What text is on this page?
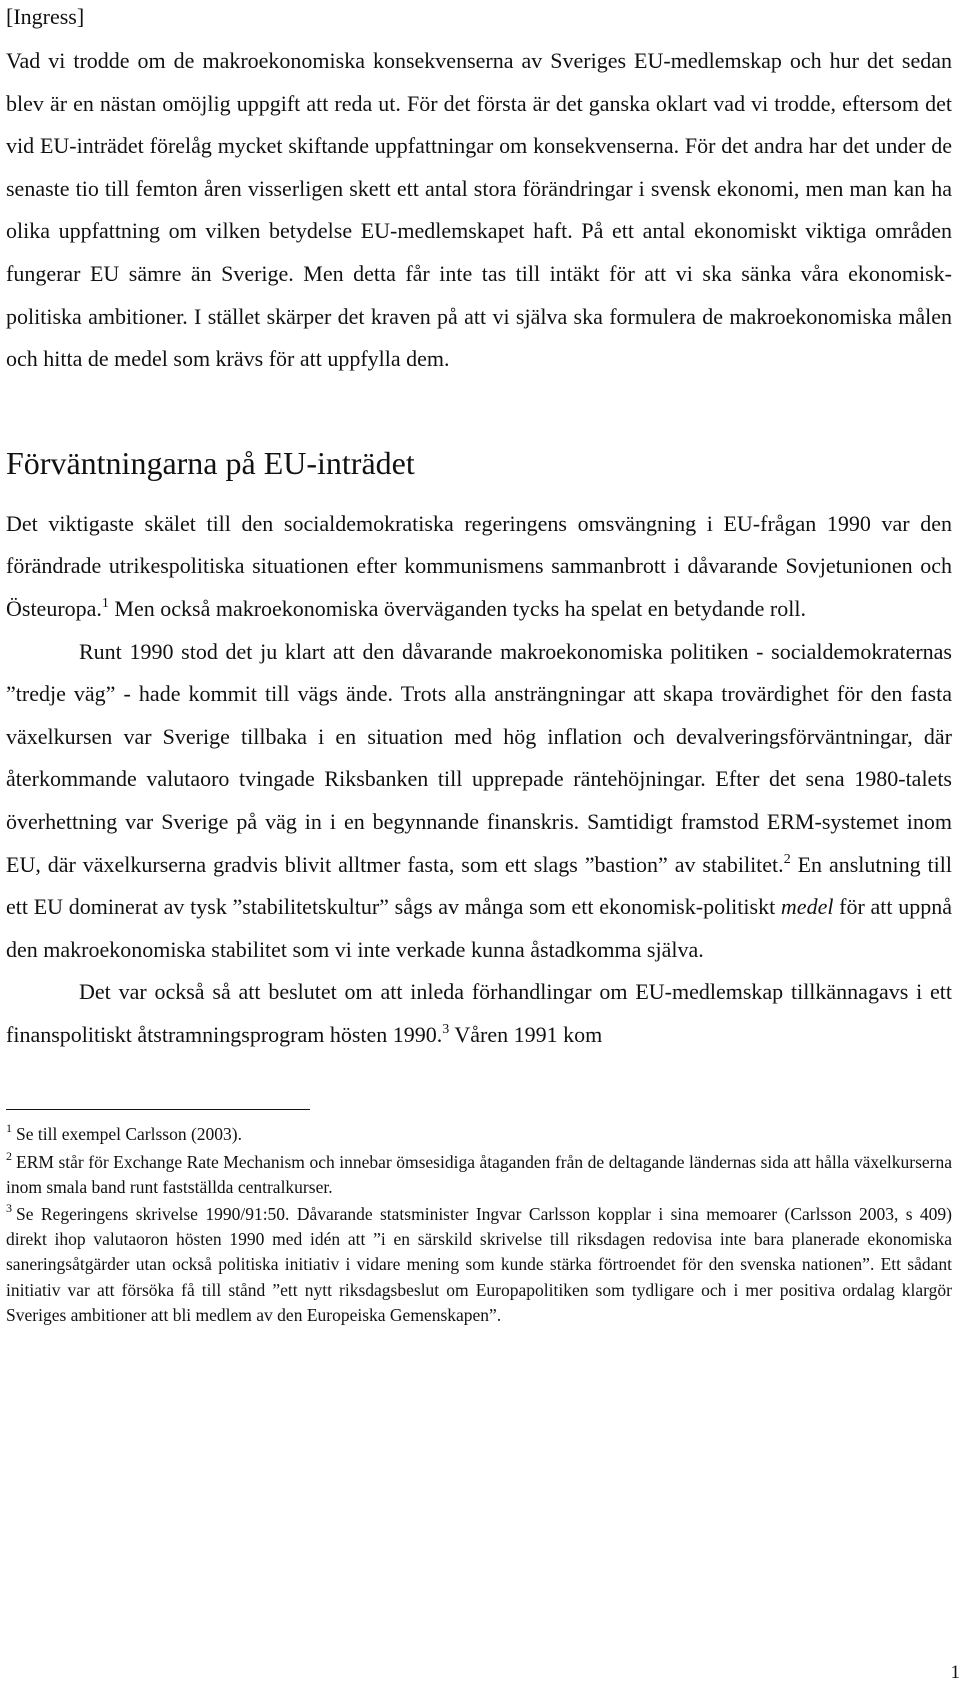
[Ingress]

Vad vi trodde om de makroekonomiska konsekvenserna av Sveriges EU-medlemskap och hur det sedan blev är en nästan omöjlig uppgift att reda ut. För det första är det ganska oklart vad vi trodde, eftersom det vid EU-inträdet förelåg mycket skiftande uppfattningar om konsekvenserna. För det andra har det under de senaste tio till femton åren visserligen skett ett antal stora förändringar i svensk ekonomi, men man kan ha olika uppfattning om vilken betydelse EU-medlemskapet haft. På ett antal ekonomiskt viktiga områden fungerar EU sämre än Sverige. Men detta får inte tas till intäkt för att vi ska sänka våra ekonomisk-politiska ambitioner. I stället skärper det kraven på att vi själva ska formulera de makroekonomiska målen och hitta de medel som krävs för att uppfylla dem.

Förväntningarna på EU-inträdet

Det viktigaste skälet till den socialdemokratiska regeringens omsvängning i EU-frågan 1990 var den förändrade utrikespolitiska situationen efter kommunismens sammanbrott i dåvarande Sovjetunionen och Östeuropa.$^1$ Men också makroekonomiska överväganden tycks ha spelat en betydande roll.

Runt 1990 stod det ju klart att den dåvarande makroekonomiska politiken - socialdemokraternas ”tredje väg” - hade kommit till vägs ände. Trots alla ansträngningar att skapa trovärdighet för den fasta växelkursen var Sverige tillbaka i en situation med hög inflation och devalveringsförväntningar, där återkommande valutaoro tvingade Riksbanken till upprepade räntehöjningar. Efter det sena 1980-talets överhettning var Sverige på väg in i en begynnande finanskris. Samtidigt framstod ERM-systemet inom EU, där växelkurserna gradvis blivit alltmer fasta, som ett slags ”bastion” av stabilitet.$^2$ En anslutning till ett EU dominerat av tysk ”stabilitetskultur” sågs av många som ett ekonomisk-politiskt medel för att uppnå den makroekonomiska stabilitet som vi inte verkade kunna åstadkomma själva.

Det var också så att beslutet om att inleda förhandlingar om EU-medlemskap tillkännagavs i ett finanspolitiskt åtstramningsprogram hösten 1990.$^3$ Våren 1991 kom

$^1$ Se till exempel Carlsson (2003).

$^2$ ERM står för Exchange Rate Mechanism och innebar ömsesidiga åtaganden från de deltagande ländernas sida att hålla växelkurserna inom smala band runt fastställda centralkurser.

$^3$ Se Regeringens skrivelse 1990/91:50. Dåvarande statsminister Ingvar Carlsson kopplar i sina memoarer (Carlsson 2003, s 409) direkt ihop valutaoron hösten 1990 med idén att ”i en särskild skrivelse till riksdagen redovisa inte bara planerade ekonomiska saneringsåtgärder utan också politiska initiativ i vidare mening som kunde stärka förtroendet för den svenska nationen”. Ett sådant initiativ var att försöka få till stånd ”ett nytt riksdagsbeslut om Europapolitiken som tydligare och i mer positiva ordalag klargör Sveriges ambitioner att bli medlem av den Europeiska Gemenskapen”.

1
